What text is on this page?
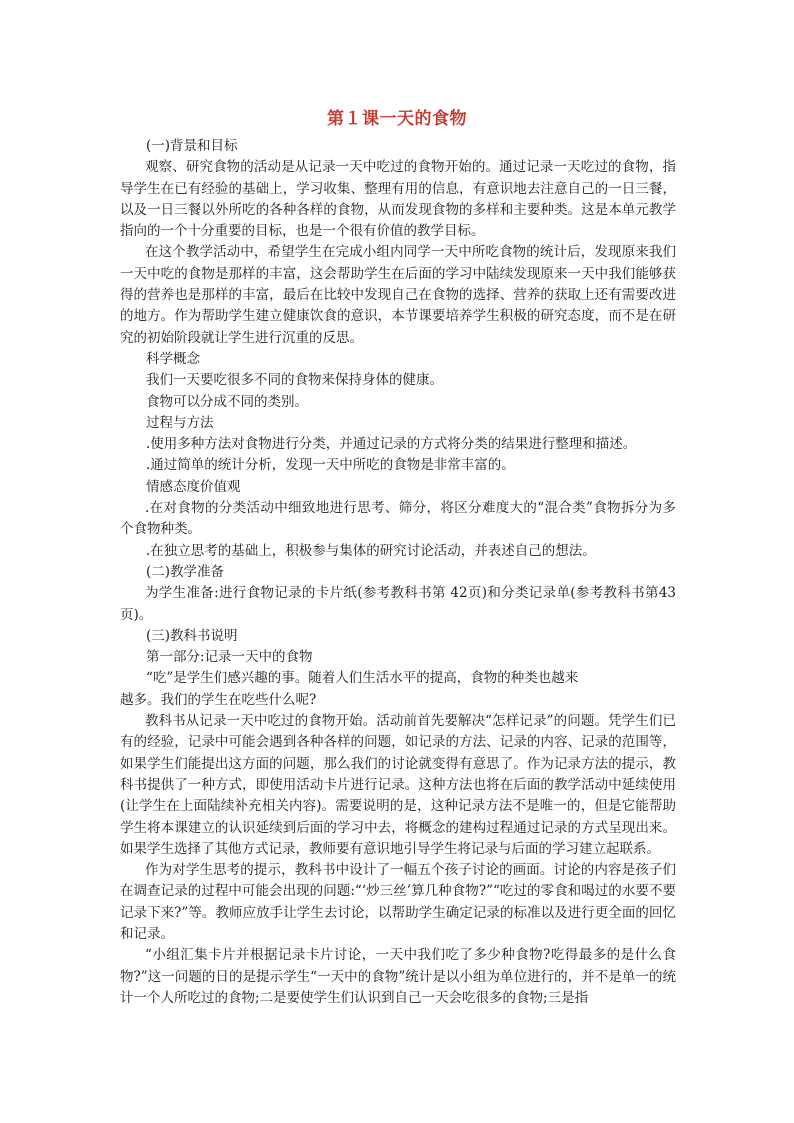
第１课一天的食物

(一)背景和目标

观察、研究食物的活动是从记录一天中吃过的食物开始的。通过记录一天吃过的食物，指导学生在已有经验的基础上，学习收集、整理有用的信息，有意识地去注意自己的一日三餐，以及一日三餐以外所吃的各种各样的食物，从而发现食物的多样和主要种类。这是本单元教学指向的一个十分重要的目标，也是一个很有价值的教学目标。

在这个教学活动中，希望学生在完成小组内同学一天中所吃食物的统计后，发现原来我们一天中吃的食物是那样的丰富，这会帮助学生在后面的学习中陆续发现原来一天中我们能够获得的营养也是那样的丰富，最后在比较中发现自己在食物的选择、营养的获取上还有需要改进的地方。作为帮助学生建立健康饮食的意识，本节课要培养学生积极的研究态度，而不是在研究的初始阶段就让学生进行沉重的反思。

科学概念

我们一天要吃很多不同的食物来保持身体的健康。

食物可以分成不同的类别。

过程与方法

.使用多种方法对食物进行分类，并通过记录的方式将分类的结果进行整理和描述。

.通过简单的统计分析，发现一天中所吃的食物是非常丰富的。

情感态度价值观

.在对食物的分类活动中细致地进行思考、筛分，将区分难度大的“混合类”食物拆分为多个食物种类。

.在独立思考的基础上，积极参与集体的研究讨论活动，并表述自己的想法。

(二)教学准备

为学生准备:进行食物记录的卡片纸(参考教科书第 42页)和分类记录单(参考教科书第43页)。

(三)教科书说明

第一部分:记录一天中的食物

“吃”是学生们感兴趣的事。随着人们生活水平的提高，食物的种类也越来

越多。我们的学生在吃些什么呢?

教科书从记录一天中吃过的食物开始。活动前首先要解决“怎样记录”的问题。凭学生们已有的经验，记录中可能会遇到各种各样的问题，如记录的方法、记录的内容、记录的范围等，如果学生们能提出这方面的问题，那么我们的讨论就变得有意思了。作为记录方法的提示，教科书提供了一种方式，即使用活动卡片进行记录。这种方法也将在后面的教学活动中延续使用(让学生在上面陆续补充相关内容)。需要说明的是，这种记录方法不是唯一的，但是它能帮助学生将本课建立的认识延续到后面的学习中去，将概念的建构过程通过记录的方式呈现出来。如果学生选择了其他方式记录，教师要有意识地引导学生将记录与后面的学习建立起联系。

作为对学生思考的提示，教科书中设计了一幅五个孩子讨论的画面。讨论的内容是孩子们在调查记录的过程中可能会出现的问题:“‘炒三丝’算几种食物?”“吃过的零食和喝过的水要不要记录下来?”等。教师应放手让学生去讨论，以帮助学生确定记录的标准以及进行更全面的回忆和记录。

“小组汇集卡片并根据记录卡片讨论，一天中我们吃了多少种食物?吃得最多的是什么食物?”这一问题的日的是提示学生“一天中的食物”统计是以小组为单位进行的，并不是单一的统计一个人所吃过的食物;二是要使学生们认识到自己一天会吃很多的食物;三是指
